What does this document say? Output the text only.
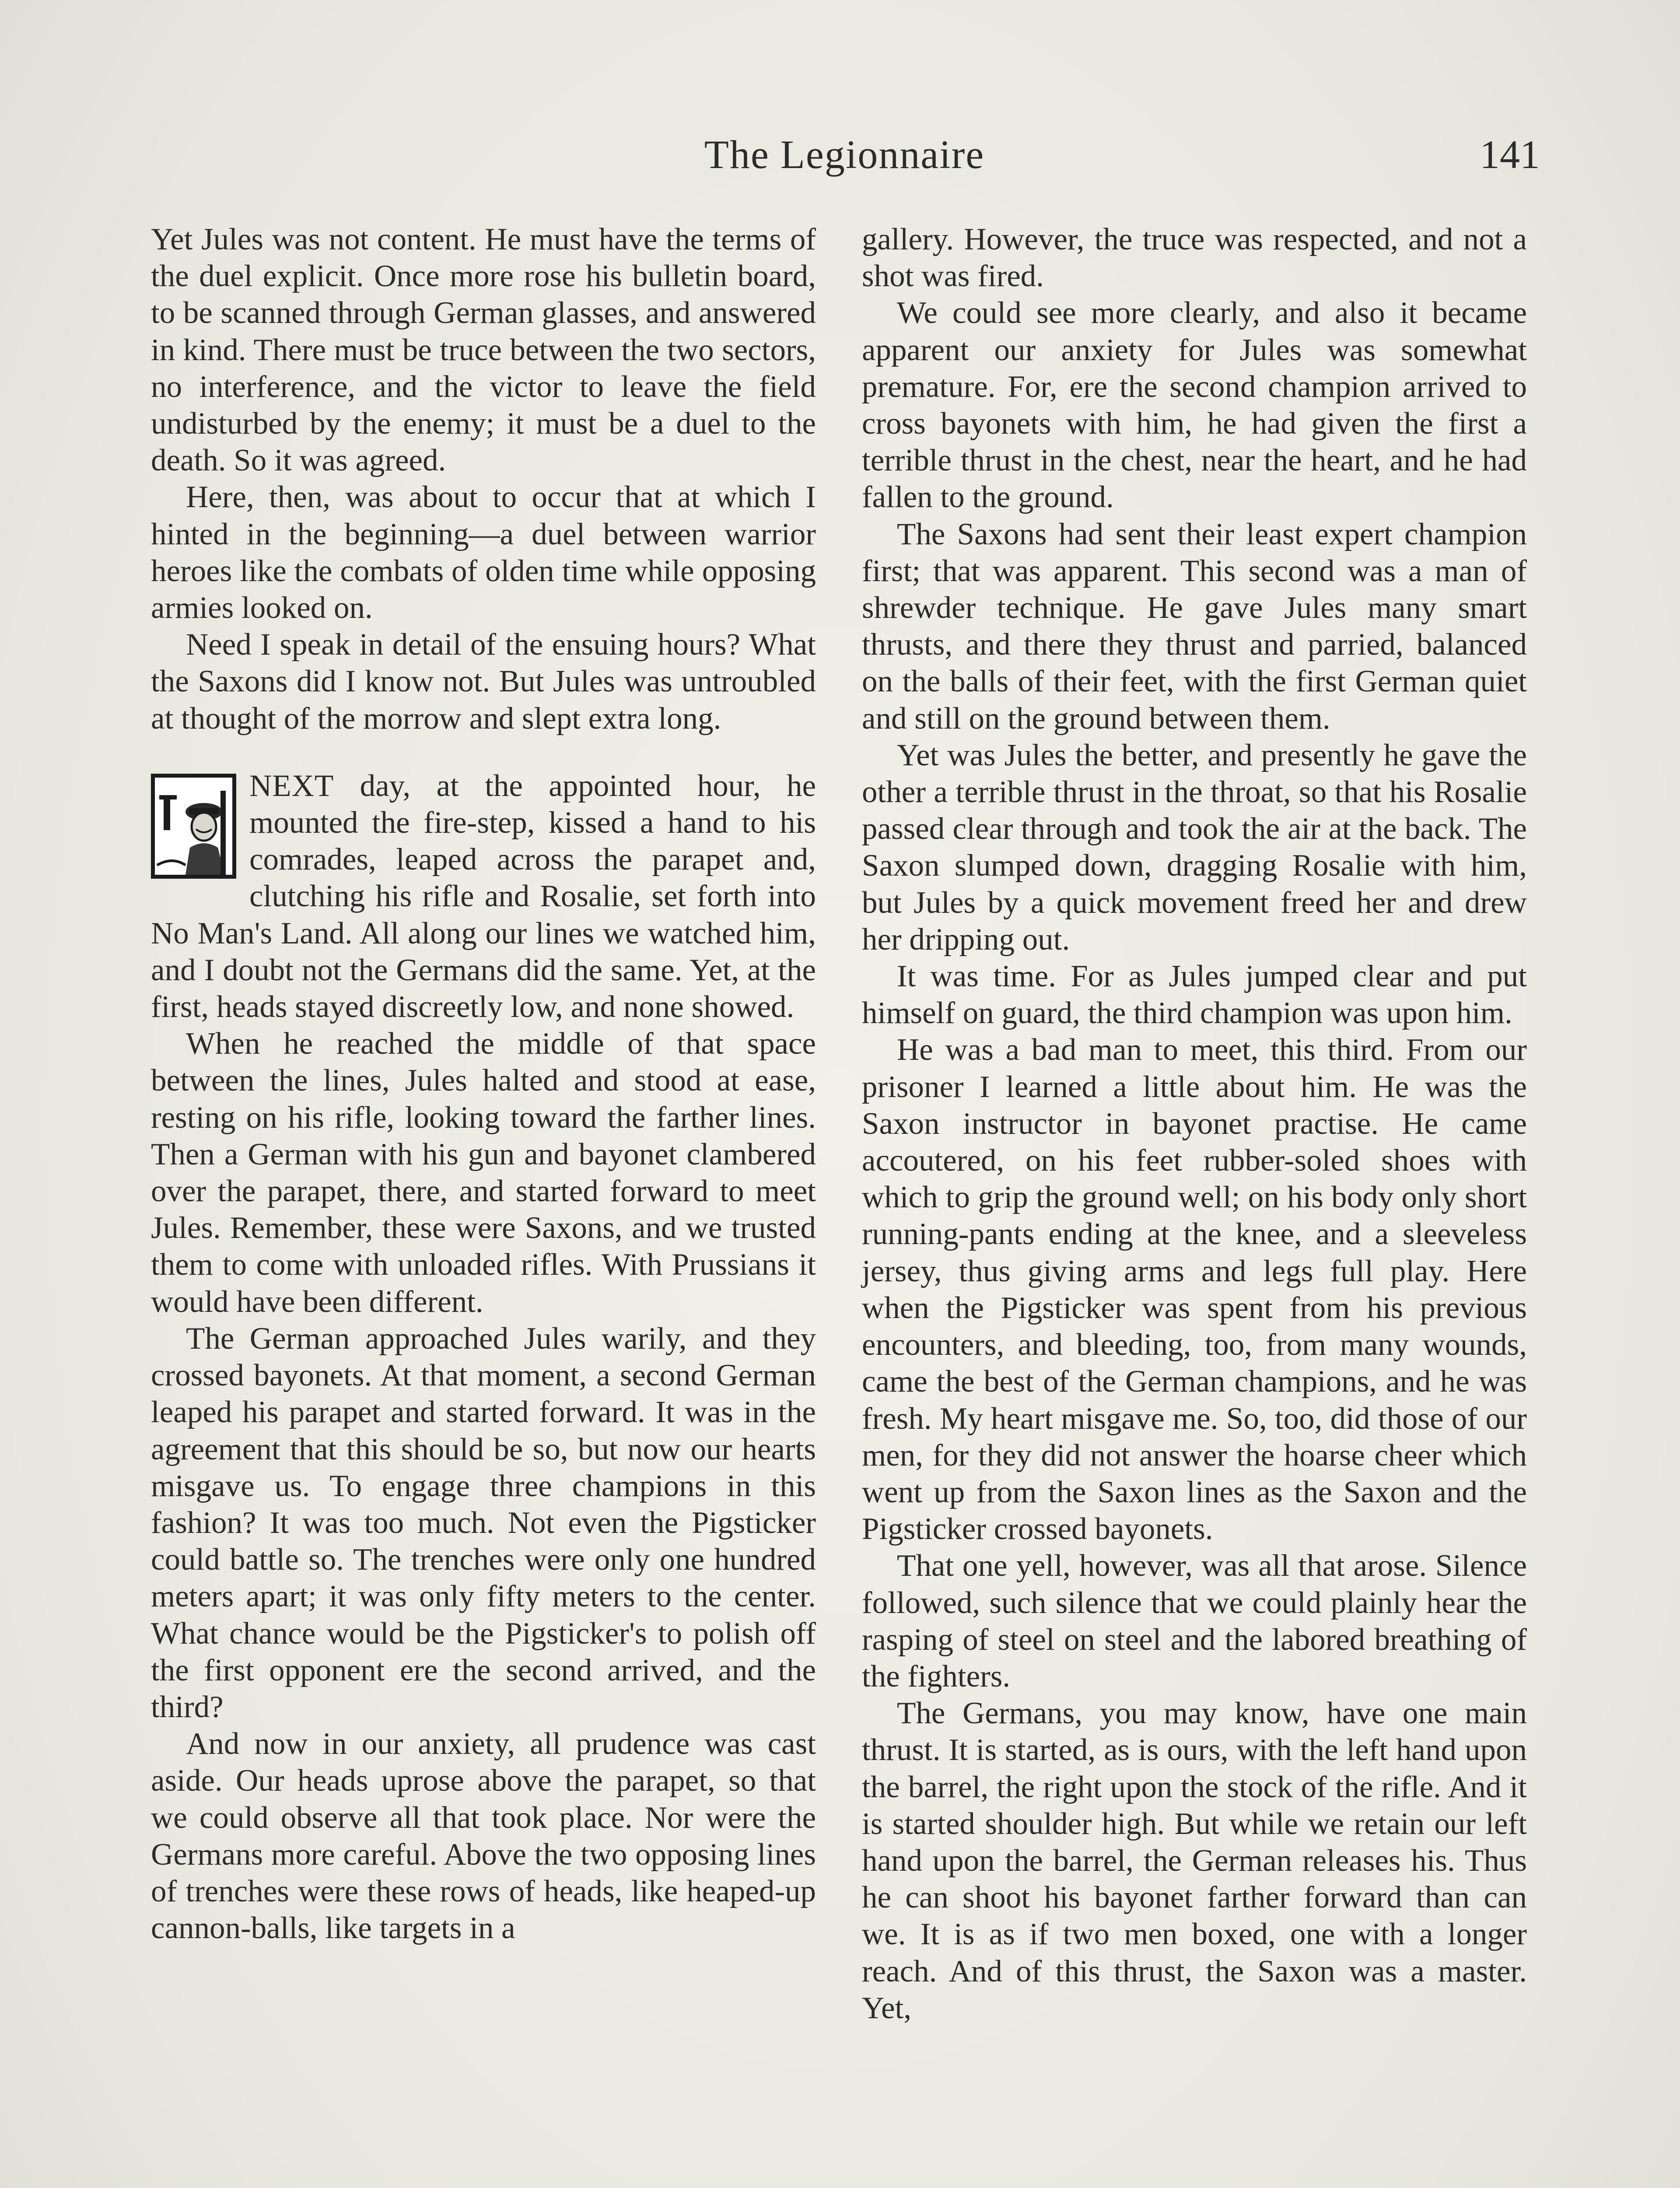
The Legionnaire	141

Yet Jules was not content. He must have the terms of the duel explicit. Once more rose his bulletin board, to be scanned through German glasses, and answered in kind. There must be truce between the two sectors, no interference, and the victor to leave the field undisturbed by the enemy; it must be a duel to the death. So it was agreed.

Here, then, was about to occur that at which I hinted in the beginning—a duel between warrior heroes like the combats of olden time while opposing armies looked on.

Need I speak in detail of the ensuing hours? What the Saxons did I know not. But Jules was untroubled at thought of the morrow and slept extra long.

NEXT day, at the appointed hour, he mounted the fire-step, kissed a hand to his comrades, leaped across the parapet and, clutching his rifle and Rosalie, set forth into No Man's Land. All along our lines we watched him, and I doubt not the Germans did the same. Yet, at the first, heads stayed discreetly low, and none showed.

When he reached the middle of that space between the lines, Jules halted and stood at ease, resting on his rifle, looking toward the farther lines. Then a German with his gun and bayonet clambered over the parapet, there, and started forward to meet Jules. Remember, these were Saxons, and we trusted them to come with unloaded rifles. With Prussians it would have been different.

The German approached Jules warily, and they crossed bayonets. At that moment, a second German leaped his parapet and started forward. It was in the agreement that this should be so, but now our hearts misgave us. To engage three champions in this fashion? It was too much. Not even the Pigsticker could battle so. The trenches were only one hundred meters apart; it was only fifty meters to the center. What chance would be the Pigsticker's to polish off the first opponent ere the second arrived, and the third?

And now in our anxiety, all prudence was cast aside. Our heads uprose above the parapet, so that we could observe all that took place. Nor were the Germans more careful. Above the two opposing lines of trenches were these rows of heads, like heaped-up cannon-balls, like targets in a

gallery. However, the truce was respected, and not a shot was fired.

We could see more clearly, and also it became apparent our anxiety for Jules was somewhat premature. For, ere the second champion arrived to cross bayonets with him, he had given the first a terrible thrust in the chest, near the heart, and he had fallen to the ground.

The Saxons had sent their least expert champion first; that was apparent. This second was a man of shrewder technique. He gave Jules many smart thrusts, and there they thrust and parried, balanced on the balls of their feet, with the first German quiet and still on the ground between them.

Yet was Jules the better, and presently he gave the other a terrible thrust in the throat, so that his Rosalie passed clear through and took the air at the back. The Saxon slumped down, dragging Rosalie with him, but Jules by a quick movement freed her and drew her dripping out.

It was time. For as Jules jumped clear and put himself on guard, the third champion was upon him.

He was a bad man to meet, this third. From our prisoner I learned a little about him. He was the Saxon instructor in bayonet practise. He came accoutered, on his feet rubber-soled shoes with which to grip the ground well; on his body only short running-pants ending at the knee, and a sleeveless jersey, thus giving arms and legs full play. Here when the Pigsticker was spent from his previous encounters, and bleeding, too, from many wounds, came the best of the German champions, and he was fresh. My heart misgave me. So, too, did those of our men, for they did not answer the hoarse cheer which went up from the Saxon lines as the Saxon and the Pigsticker crossed bayonets.

That one yell, however, was all that arose. Silence followed, such silence that we could plainly hear the rasping of steel on steel and the labored breathing of the fighters.

The Germans, you may know, have one main thrust. It is started, as is ours, with the left hand upon the barrel, the right upon the stock of the rifle. And it is started shoulder high. But while we retain our left hand upon the barrel, the German releases his. Thus he can shoot his bayonet farther forward than can we. It is as if two men boxed, one with a longer reach. And of this thrust, the Saxon was a master. Yet,
